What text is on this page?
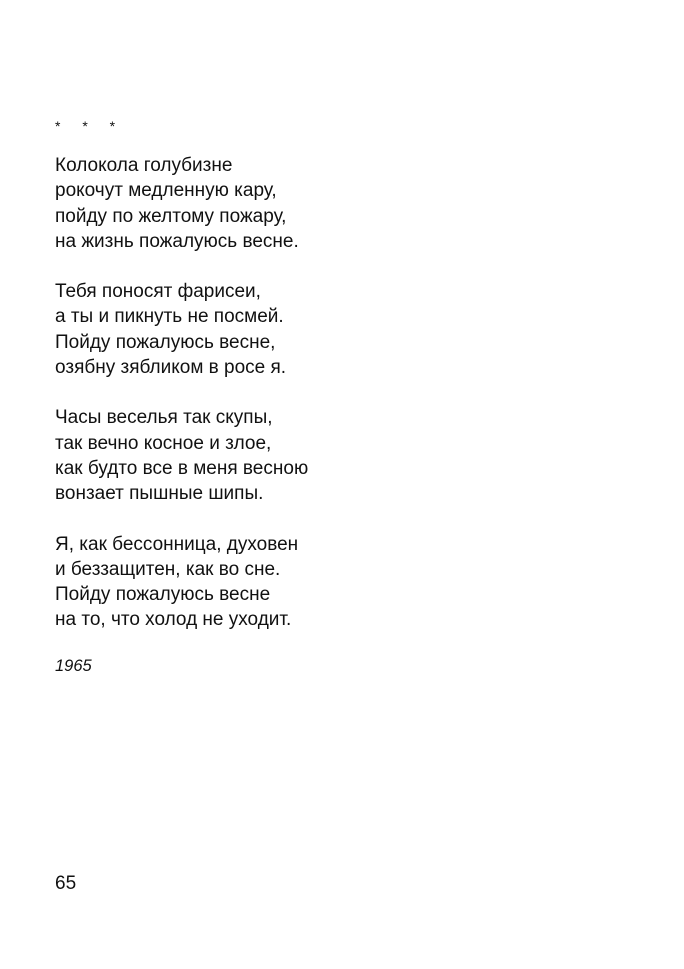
* * *
Колокола голубизне
рокочут медленную кару,
пойду по желтому пожару,
на жизнь пожалуюсь весне.
Тебя поносят фарисеи,
а ты и пикнуть не посмей.
Пойду пожалуюсь весне,
озябну зябликом в росе я.
Часы веселья так скупы,
так вечно косное и злое,
как будто все в меня весною
вонзает пышные шипы.
Я, как бессонница, духовен
и беззащитен, как во сне.
Пойду пожалуюсь весне
на то, что холод не уходит.
1965
65
